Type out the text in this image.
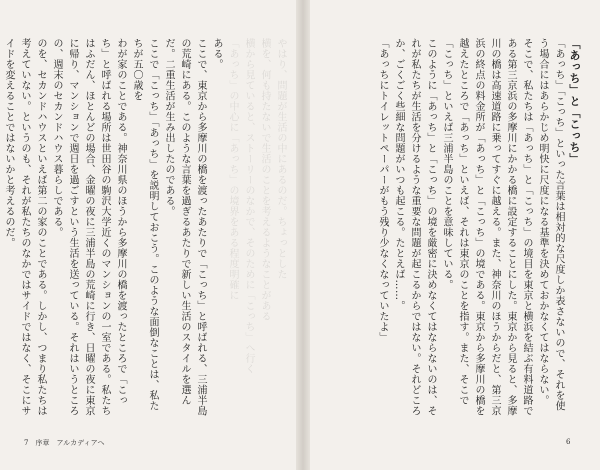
「あっち」と「こっち」
「あっち」「こっち」といった言葉は相対的な尺度しか表さないので、それを使う場合にはあらかじめ明快に尺度になる基準を決めておかなくてはならない。
そこで、私たちは「あっち」と「こっち」の境目を東京と横浜を結ぶ有料道路である第三京浜の多摩川にかかる橋に設定することにした。東京から見ると、多摩川の橋は高速道路に乗ってすぐに越える。また、神奈川のほうからだと、第三京浜の終点の料金所が「あっち」と「こっち」の境である。東京から多摩川の橋を越えたところで「あっち」といえば、それは東京のことを指す。また、そこで「こっち」といえば三浦半島のことを意味している。
このように「あっち」と「こっち」の境を厳密に決めなくてはならないのは、それが私たちが生活を分けるような重要な問題が起こるからではない。それどころか、ごくごく些細な問題がいつも起こる。たとえば……。
「あっちにトイレットペーパーがもう残り少なくなっていたよ」
やはり、問題が生活の中にあるのだ。ちょっとした
横を、何も持たないで生活のことを考えるようなことがある
横から見ていると、ストーリーのなかで、そのために「こっち」へ行く
「あっち」の中心に「あっち」の境界をある程度明確に
ある。
ここで、東京から多摩川の橋を渡ったあたりで「こっち」と呼ばれる、三浦半島の荒崎にある。このような言葉を過ぎるあたりで新しい生活のスタイルを選んだ。二重生活が生み出したのである。
ここで「こっち」「あっち」を説明しておこう。このような面倒なことは、私たちが五〇歳を
わが家のことである。神奈川県のほうから多摩川の橋を渡ったところで「こっち」と呼ばれる場所は世田谷の駒沢大学近くのマンションの一室である。私たちはふだん、ほとんどの場合、金曜の夜に三浦半島の荒崎に行き、日曜の夜に東京に帰り、マンションで週日を過ごすという生活を送っている。それはいうところの、週末のセカンドハウス暮らしである。
のを、セカンドハウスといえば第二の家のことである。しかし、つまり私たちは考えていない。というのも、それが私たちのなかではサイドではなく、そこにサイドを変えることではないかと考えるのだ。
7　序章　アルカディアへ	6
